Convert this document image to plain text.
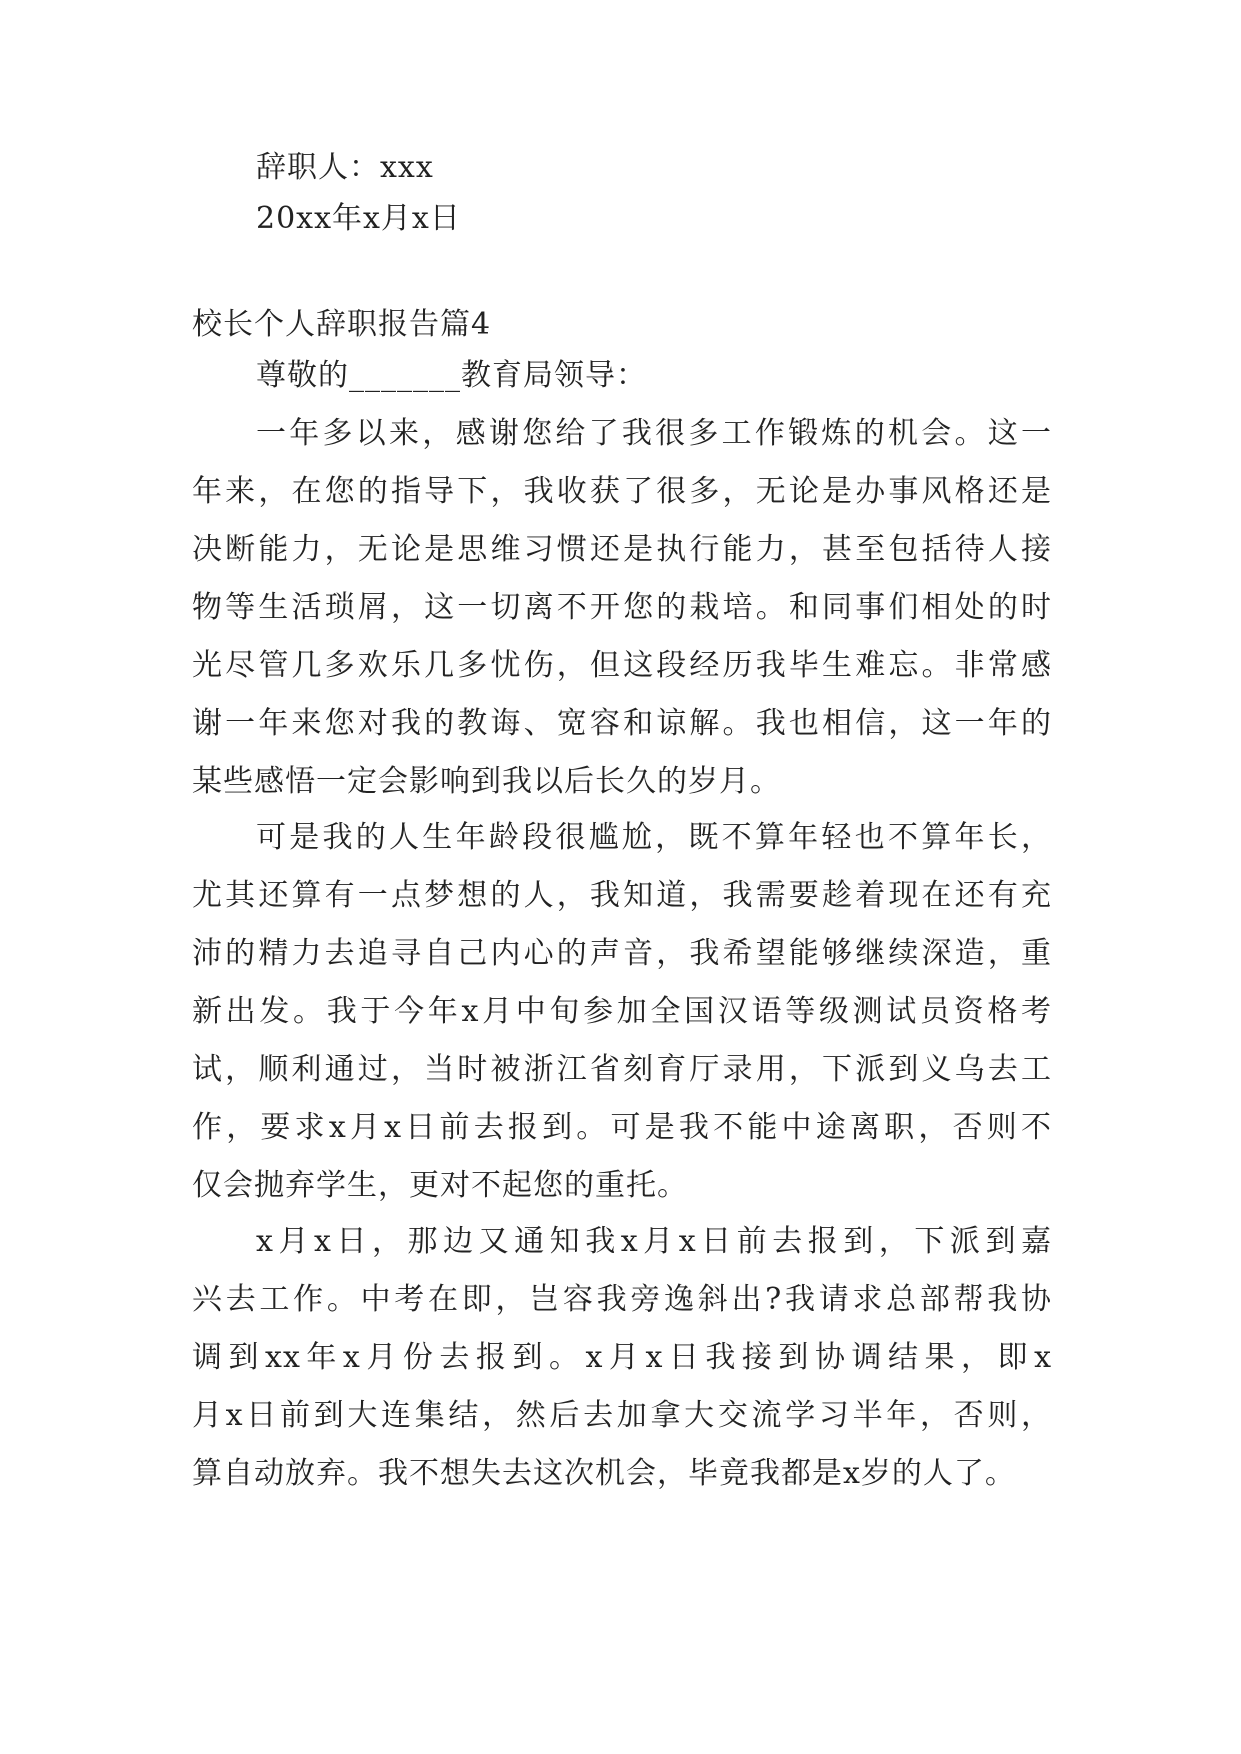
辞职人：xxx
20xx年x月x日
校长个人辞职报告篇4
尊敬的_______教育局领导：
一年多以来，感谢您给了我很多工作锻炼的机会。这一
年来，在您的指导下，我收获了很多，无论是办事风格还是
决断能力，无论是思维习惯还是执行能力，甚至包括待人接
物等生活琐屑，这一切离不开您的栽培。和同事们相处的时
光尽管几多欢乐几多忧伤，但这段经历我毕生难忘。非常感
谢一年来您对我的教诲、宽容和谅解。我也相信，这一年的
某些感悟一定会影响到我以后长久的岁月。
可是我的人生年龄段很尴尬，既不算年轻也不算年长，
尤其还算有一点梦想的人，我知道，我需要趁着现在还有充
沛的精力去追寻自己内心的声音，我希望能够继续深造，重
新出发。我于今年x月中旬参加全国汉语等级测试员资格考
试，顺利通过，当时被浙江省刻育厅录用，下派到义乌去工
作，要求x月x日前去报到。可是我不能中途离职，否则不
仅会抛弃学生，更对不起您的重托。
x月x日，那边又通知我x月x日前去报到，下派到嘉
兴去工作。中考在即，岂容我旁逸斜出?我请求总部帮我协
调到xx年x月份去报到。x月x日我接到协调结果，即x
月x日前到大连集结，然后去加拿大交流学习半年，否则，
算自动放弃。我不想失去这次机会，毕竟我都是x岁的人了。
